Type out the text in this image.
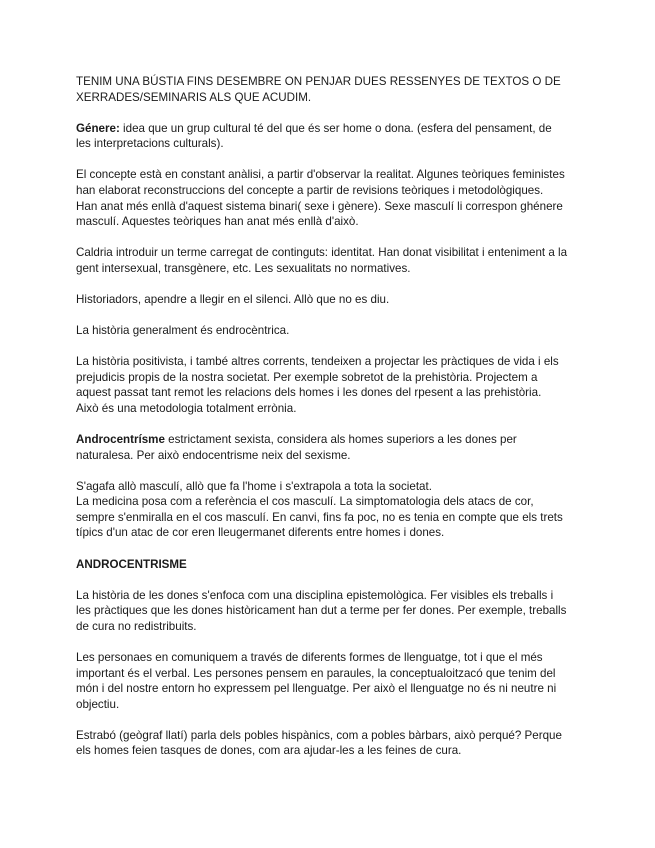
TENIM UNA BÚSTIA FINS DESEMBRE ON PENJAR DUES RESSENYES DE TEXTOS O DE
XERRADES/SEMINARIS ALS QUE ACUDIM.
Génere: idea que un grup cultural té del que és ser home o dona. (esfera del pensament, de
les interpretacions culturals).
El concepte està en constant anàlisi, a partir d'observar la realitat. Algunes teòriques feministes
han elaborat reconstruccions del concepte a partir de revisions teòriques i metodològiques.
Han anat més enllà d'aquest sistema binari( sexe i gènere). Sexe masculí li correspon ghénere
masculí. Aquestes teòriques han anat més enllà d'això.
Caldria introduir un terme carregat de continguts: identitat. Han donat visibilitat i enteniment a la
gent intersexual, transgènere, etc. Les sexualitats no normatives.
Historiadors, apendre a llegir en el silenci. Allò que no es diu.
La història generalment és endrocèntrica.
La història positivista, i també altres corrents, tendeixen a projectar les pràctiques de vida i els
prejudicis propis de la nostra societat. Per exemple sobretot de la prehistòria. Projectem a
aquest passat tant remot les relacions dels homes i les dones del rpesent a las prehistòria.
Això és una metodologia totalment errònia.
Androcentrísme estrictament sexista, considera als homes superiors a les dones per
naturalesa. Per això endocentrisme neix del sexisme.
S'agafa allò masculí, allò que fa l'home i s'extrapola a tota la societat.
La medicina posa com a referència el cos masculí. La simptomatologia dels atacs de cor,
sempre s'enmiralla en el cos masculí. En canvi, fins fa poc, no es tenia en compte que els trets
típics d'un atac de cor eren lleugermanet diferents entre homes i dones.
ANDROCENTRISME
La història de les dones s'enfoca com una disciplina epistemològica. Fer visibles els treballs i
les pràctiques que les dones històricament han dut a terme per fer dones. Per exemple, treballs
de cura no redistribuits.
Les personaes en comuniquem a través de diferents formes de llenguatge, tot i que el més
important és el verbal. Les persones pensem en paraules, la conceptualoitzacó que tenim del
món i del nostre entorn ho expressem pel llenguatge. Per això el llenguatge no és ni neutre ni
objectiu.
Estrabó (geògraf llatí) parla dels pobles hispànics, com a pobles bàrbars, això perqué? Perque
els homes feien tasques de dones, com ara ajudar-les a les feines de cura.
